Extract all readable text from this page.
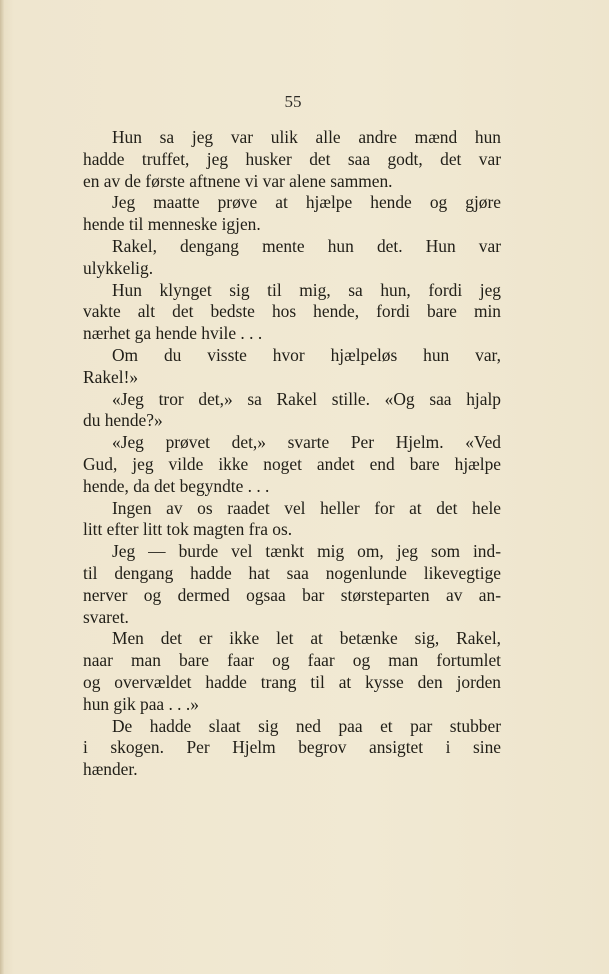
55
Hun sa jeg var ulik alle andre mænd hun
hadde truffet, jeg husker det saa godt, det var
en av de første aftnene vi var alene sammen.
Jeg maatte prøve at hjælpe hende og gjøre
hende til menneske igjen.
Rakel, dengang mente hun det. Hun var
ulykkelig.
Hun klynget sig til mig, sa hun, fordi jeg
vakte alt det bedste hos hende, fordi bare min
nærhet ga hende hvile . . .
Om du visste hvor hjælpeløs hun var,
Rakel!»
«Jeg tror det,» sa Rakel stille. «Og saa hjalp
du hende?»
«Jeg prøvet det,» svarte Per Hjelm. «Ved
Gud, jeg vilde ikke noget andet end bare hjælpe
hende, da det begyndte . . .
Ingen av os raadet vel heller for at det hele
litt efter litt tok magten fra os.
Jeg — burde vel tænkt mig om, jeg som ind-
til dengang hadde hat saa nogenlunde likevegtige
nerver og dermed ogsaa bar størsteparten av an-
svaret.
Men det er ikke let at betænke sig, Rakel,
naar man bare faar og faar og man fortumlet
og overvældet hadde trang til at kysse den jorden
hun gik paa . . .»
De hadde slaat sig ned paa et par stubber
i skogen. Per Hjelm begrov ansigtet i sine
hænder.
